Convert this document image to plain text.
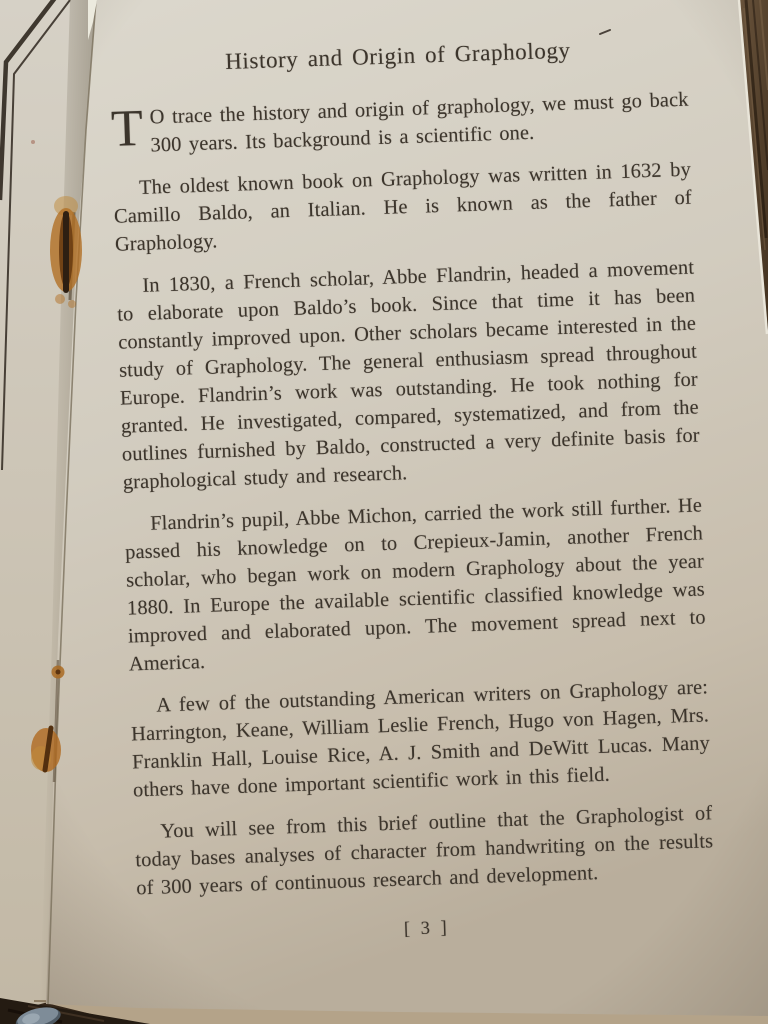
History and Origin of Graphology

T O trace the history and origin of graphology, we must go back 300 years. Its background is a scientific one.

The oldest known book on Graphology was written in 1632 by Camillo Baldo, an Italian. He is known as the father of Graphology.

In 1830, a French scholar, Abbe Flandrin, headed a movement to elaborate upon Baldo’s book. Since that time it has been constantly improved upon. Other scholars became interested in the study of Graphology. The general enthusiasm spread throughout Europe. Flandrin’s work was outstanding. He took nothing for granted. He investigated, compared, systematized, and from the outlines furnished by Baldo, constructed a very definite basis for graphological study and research.

Flandrin’s pupil, Abbe Michon, carried the work still further. He passed his knowledge on to Crepieux-Jamin, another French scholar, who began work on modern Graphology about the year 1880. In Europe the available scientific classified knowledge was improved and elaborated upon. The movement spread next to America.

A few of the outstanding American writers on Graphology are: Harrington, Keane, William Leslie French, Hugo von Hagen, Mrs. Franklin Hall, Louise Rice, A. J. Smith and DeWitt Lucas. Many others have done important scientific work in this field.

You will see from this brief outline that the Graphologist of today bases analyses of character from handwriting on the results of 300 years of continuous research and development.

[ 3 ]
